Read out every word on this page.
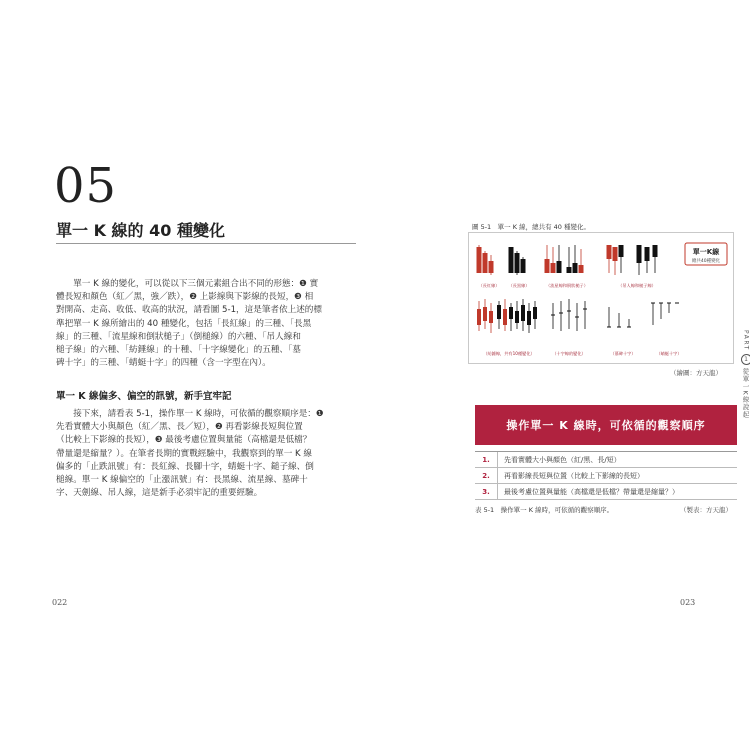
05
單一 K 線的 40 種變化

　　單一 K 線的變化，可以從以下三個元素組合出不同的形態：❶ 實
體長短和顏色（紅／黑，強／跌），❷ 上影線與下影線的長短，❸ 相
對開高、走高、收低、收高的狀況，請看圖 5-1，這是筆者依上述的標
準把單一 K 線所繪出的 40 種變化，包括「長紅線」的三種、「長黑
線」的三種、「流星線和倒狀槌子」（倒槌線）的六種、「吊人線和
槌子線」的六種、「紡錘線」的十種、「十字線變化」的五種、「墓
碑十字」的三種、「蜻蜓十字」的四種（含一字型在內）。

單一 K 線偏多、偏空的訊號，新手宜牢記

　　接下來，請看表 5-1，操作單一 K 線時，可依循的觀察順序是：❶
先看實體大小與顏色（紅／黑、長／短），❷ 再看影線長短與位置
（比較上下影線的長短），❸ 最後考慮位置與量能（高檔還是低檔？
帶量還是縮量？）。在筆者長期的實戰經驗中，我觀察到的單一 K 線
偏多的「止跌訊號」有：長紅線、長腳十字，蜻蜓十字、鎚子線、倒
槌線。單一 K 線偏空的「止漲訊號」有：長黑線、流星線、墓碑十
字、天劍線、吊人線，這是新手必須牢記的重要經驗。

022
圖 5-1　單一 K 線，總共有 40 種變化。
（長紅線） （長黑線）	（流星線和倒狀槌子）	（吊人線和槌子線）
（紡錘線，共有10種變化）	（十字線的變化）	（墓碑十字）	（蜻蜓十字）
單一K線
總共40種變化
（繪圖：方天龍）
操作單一 K 線時，可依循的觀察順序
1.	先看實體大小與顏色（紅/黑、長/短）
2.	再看影線長短與位置（比較上下影線的長短）
3.	最後考慮位置與量能（高檔還是低檔？帶量還是縮量？）
表 5-1　操作單一 K 線時，可依循的觀察順序。	（製表：方天龍）
PART
1
從單一K線說起
023
